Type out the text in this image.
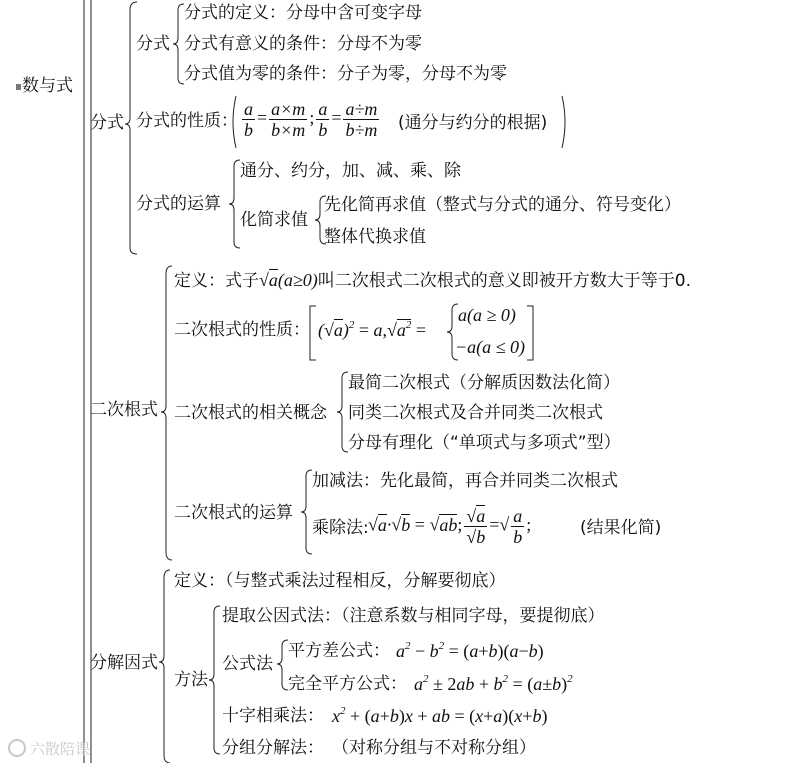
数与式
分式
分式
分式的定义：分母中含可变字母
分式有意义的条件：分母不为零
分式值为零的条件：分子为零，分母不为零
分式的性质： $\frac{a}{b} = \frac{a\times m}{b\times m}$ ; $\frac{a}{b} = \frac{a\div m}{b\div m}$ (通分与约分的根据)
分式的运算
通分、约分，加、减、乘、除
化简求值
先化简再求值（整式与分式的通分、符号变化）
整体代换求值
二次根式
定义：式子√a(a≥0)叫二次根式二次根式的意义即被开方数大于等于0.
二次根式的性质： $(√a)^2 = a,√a^2$ =
a(a ≥ 0)
−a(a ≤ 0)
二次根式的相关概念
最简二次根式（分解质因数法化简）
同类二次根式及合并同类二次根式
分母有理化（“单项式与多项式”型）
二次根式的运算
加减法：先化最简，再合并同类二次根式
乘除法: √a·√b = √ab; $\frac{√a}{√b}$ =√ $\frac{a}{b}$ ;	(结果化简)
分解因式
定义：（与整式乘法过程相反，分解要彻底）
方法
提取公因式法：（注意系数与相同字母，要提彻底）
公式法
平方差公式： $a^2 - b^2 = (a+b)(a-b)$
完全平方公式： $a^2 \pm 2ab + b^2 = (a\pm b)^2$
十字相乘法： $x^2 + (a+b)x$ + ab = (x+a)(x+b)
分组分解法： （对称分组与不对称分组）
六散陪课
